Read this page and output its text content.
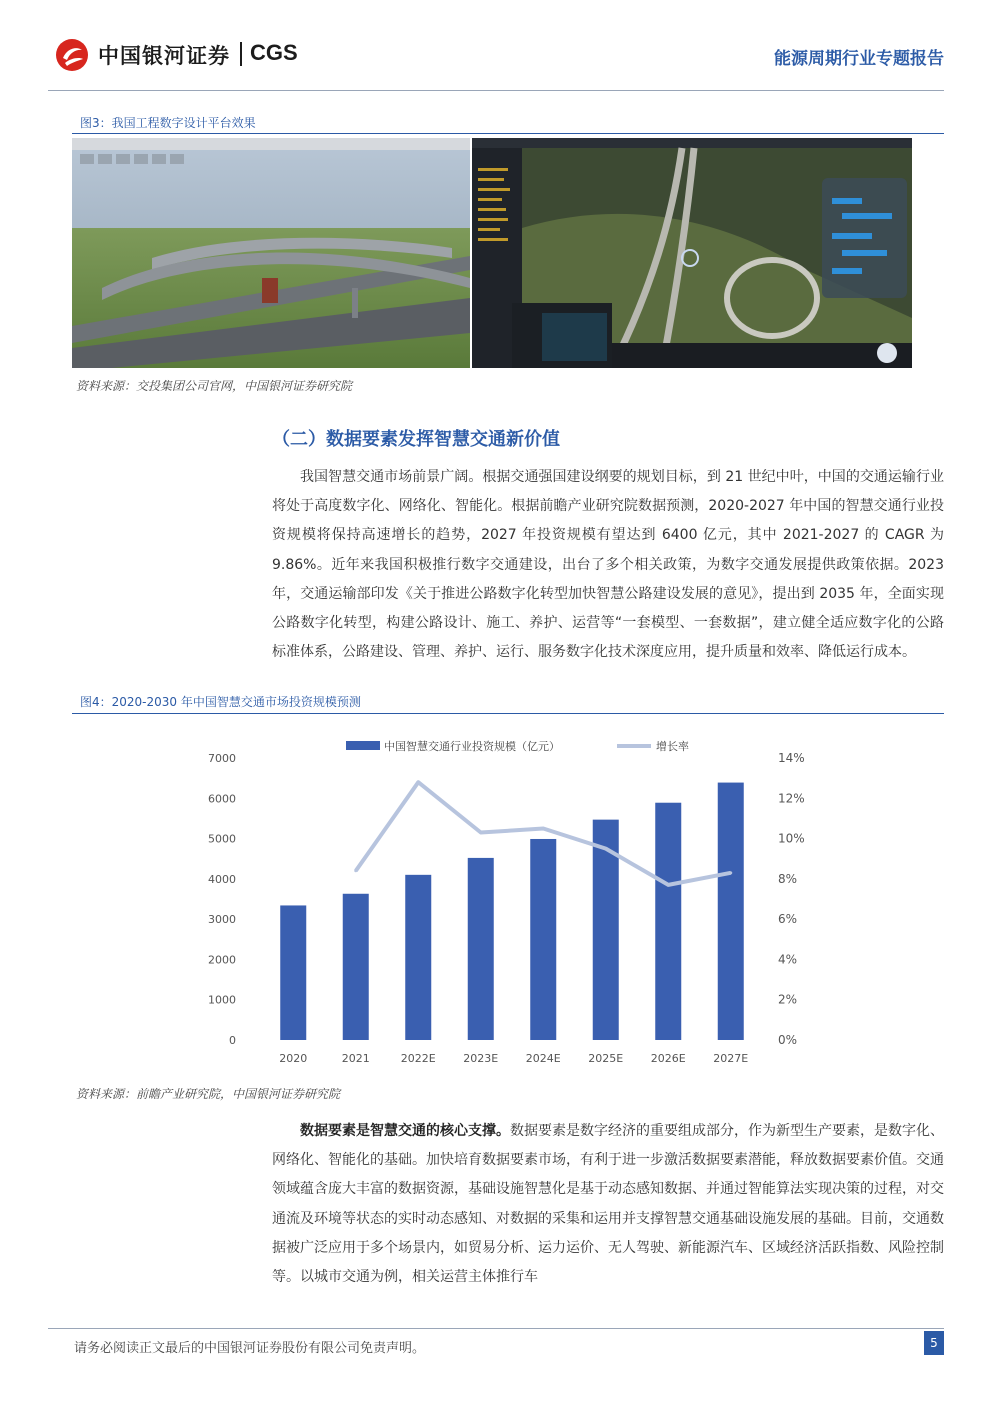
中国银河证券 CGS	能源周期行业专题报告
图3：我国工程数字设计平台效果
资料来源：交投集团公司官网，中国银河证券研究院
（二）数据要素发挥智慧交通新价值
我国智慧交通市场前景广阔。根据交通强国建设纲要的规划目标，到 21 世纪中叶，中国的交通运输行业将处于高度数字化、网络化、智能化。根据前瞻产业研究院数据预测，2020-2027 年中国的智慧交通行业投资规模将保持高速增长的趋势，2027 年投资规模有望达到 6400 亿元，其中 2021-2027 的 CAGR 为 9.86%。近年来我国积极推行数字交通建设，出台了多个相关政策，为数字交通发展提供政策依据。2023 年，交通运输部印发《关于推进公路数字化转型加快智慧公路建设发展的意见》，提出到 2035 年，全面实现公路数字化转型，构建公路设计、施工、养护、运营等“一套模型、一套数据”，建立健全适应数字化的公路标准体系，公路建设、管理、养护、运行、服务数字化技术深度应用，提升质量和效率、降低运行成本。
图4：2020-2030 年中国智慧交通市场投资规模预测
中国智慧交通行业投资规模（亿元）	增长率
0
1000
2000
3000
4000
5000
6000
7000
0%
2%
4%
6%
8%
10%
12%
14%
2020	2021	2022E	2023E	2024E	2025E	2026E	2027E
资料来源：前瞻产业研究院，中国银河证券研究院
数据要素是智慧交通的核心支撑。数据要素是数字经济的重要组成部分，作为新型生产要素，是数字化、网络化、智能化的基础。加快培育数据要素市场，有利于进一步激活数据要素潜能，释放数据要素价值。交通领域蕴含庞大丰富的数据资源，基础设施智慧化是基于动态感知数据、并通过智能算法实现决策的过程，对交通流及环境等状态的实时动态感知、对数据的采集和运用并支撑智慧交通基础设施发展的基础。目前，交通数据被广泛应用于多个场景内，如贸易分析、运力运价、无人驾驶、新能源汽车、区域经济活跃指数、风险控制等。以城市交通为例，相关运营主体推行车
请务必阅读正文最后的中国银河证券股份有限公司免责声明。	5
